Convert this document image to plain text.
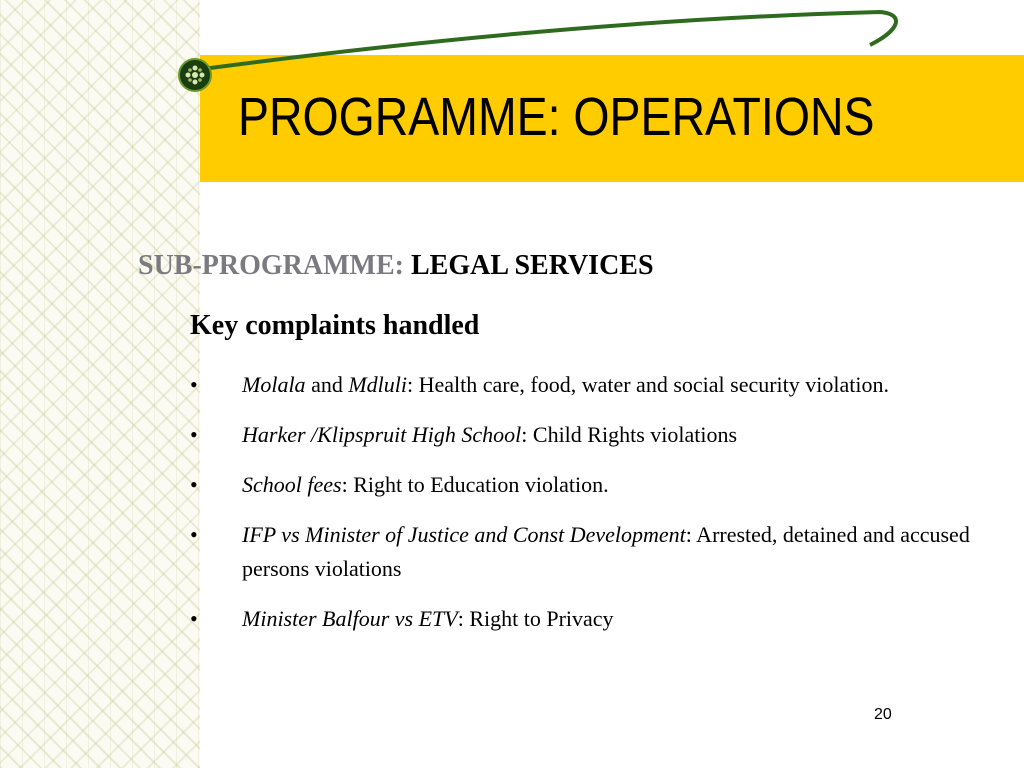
PROGRAMME: OPERATIONS
SUB-PROGRAMME: LEGAL SERVICES
Key complaints handled
•	Molala and Mdluli: Health care, food, water and social security violation.
•	Harker /Klipspruit High School: Child Rights violations
•	School fees: Right to Education violation.
•	IFP vs Minister of Justice and Const Development: Arrested, detained and accused persons violations
•	Minister Balfour vs ETV: Right to Privacy
20
